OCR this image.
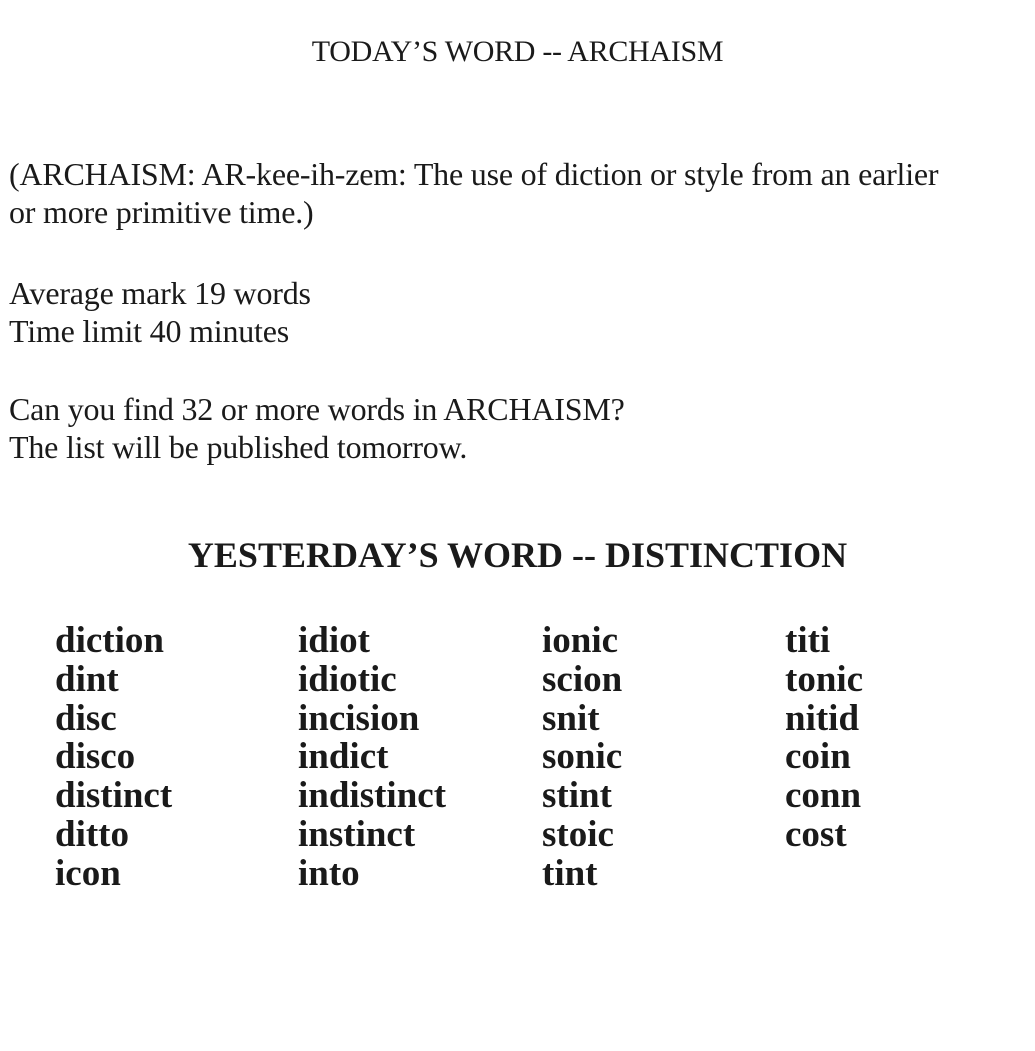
TODAY’S WORD -- ARCHAISM
(ARCHAISM: AR-kee-ih-zem: The use of diction or style from an earlier
or more primitive time.)
Average mark 19 words
Time limit 40 minutes
Can you find 32 or more words in ARCHAISM?
The list will be published tomorrow.
YESTERDAY’S WORD -- DISTINCTION
diction
dint
disc
disco
distinct
ditto
icon
idiot
idiotic
incision
indict
indistinct
instinct
into
ionic
scion
snit
sonic
stint
stoic
tint
titi
tonic
nitid
coin
conn
cost
